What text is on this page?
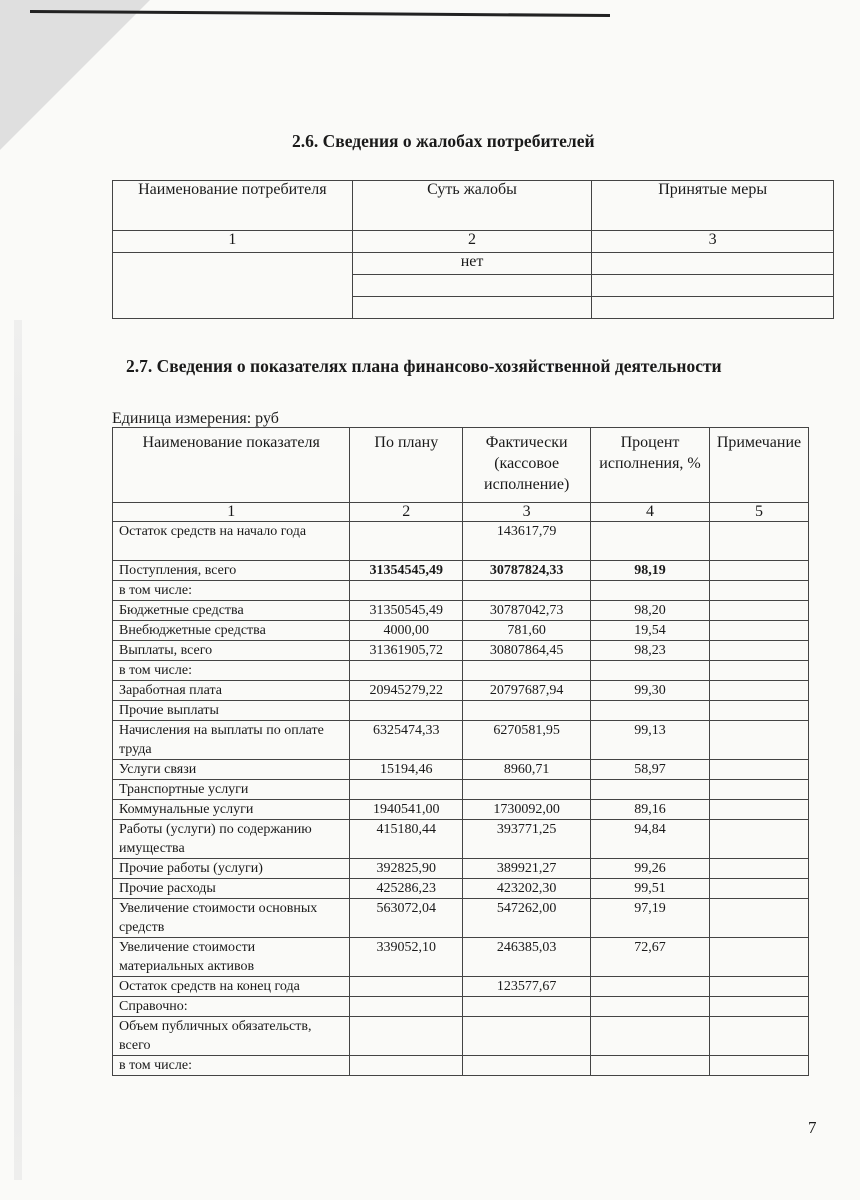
2.6. Сведения о жалобах потребителей
Наименование потребителя	Суть жалобы	Принятые меры
1	2	3
	нет	

2.7. Сведения о показателях плана финансово-хозяйственной деятельности
Единица измерения: руб
Наименование показателя	По плану	Фактически (кассовое исполнение)	Процент исполнения, %	Примечание
1	2	3	4	5
Остаток средств на начало года		143617,79		
Поступления, всего	31354545,49	30787824,33	98,19	
в том числе:				
Бюджетные средства	31350545,49	30787042,73	98,20	
Внебюджетные средства	4000,00	781,60	19,54	
Выплаты, всего	31361905,72	30807864,45	98,23	
в том числе:				
Заработная плата	20945279,22	20797687,94	99,30	
Прочие выплаты				
Начисления на выплаты по оплате труда	6325474,33	6270581,95	99,13	
Услуги связи	15194,46	8960,71	58,97	
Транспортные услуги				
Коммунальные услуги	1940541,00	1730092,00	89,16	
Работы (услуги) по содержанию имущества	415180,44	393771,25	94,84	
Прочие работы (услуги)	392825,90	389921,27	99,26	
Прочие расходы	425286,23	423202,30	99,51	
Увеличение стоимости основных средств	563072,04	547262,00	97,19	
Увеличение стоимости материальных активов	339052,10	246385,03	72,67	
Остаток средств на конец года		123577,67		
Справочно:				
Объем публичных обязательств, всего				
в том числе:				
7
